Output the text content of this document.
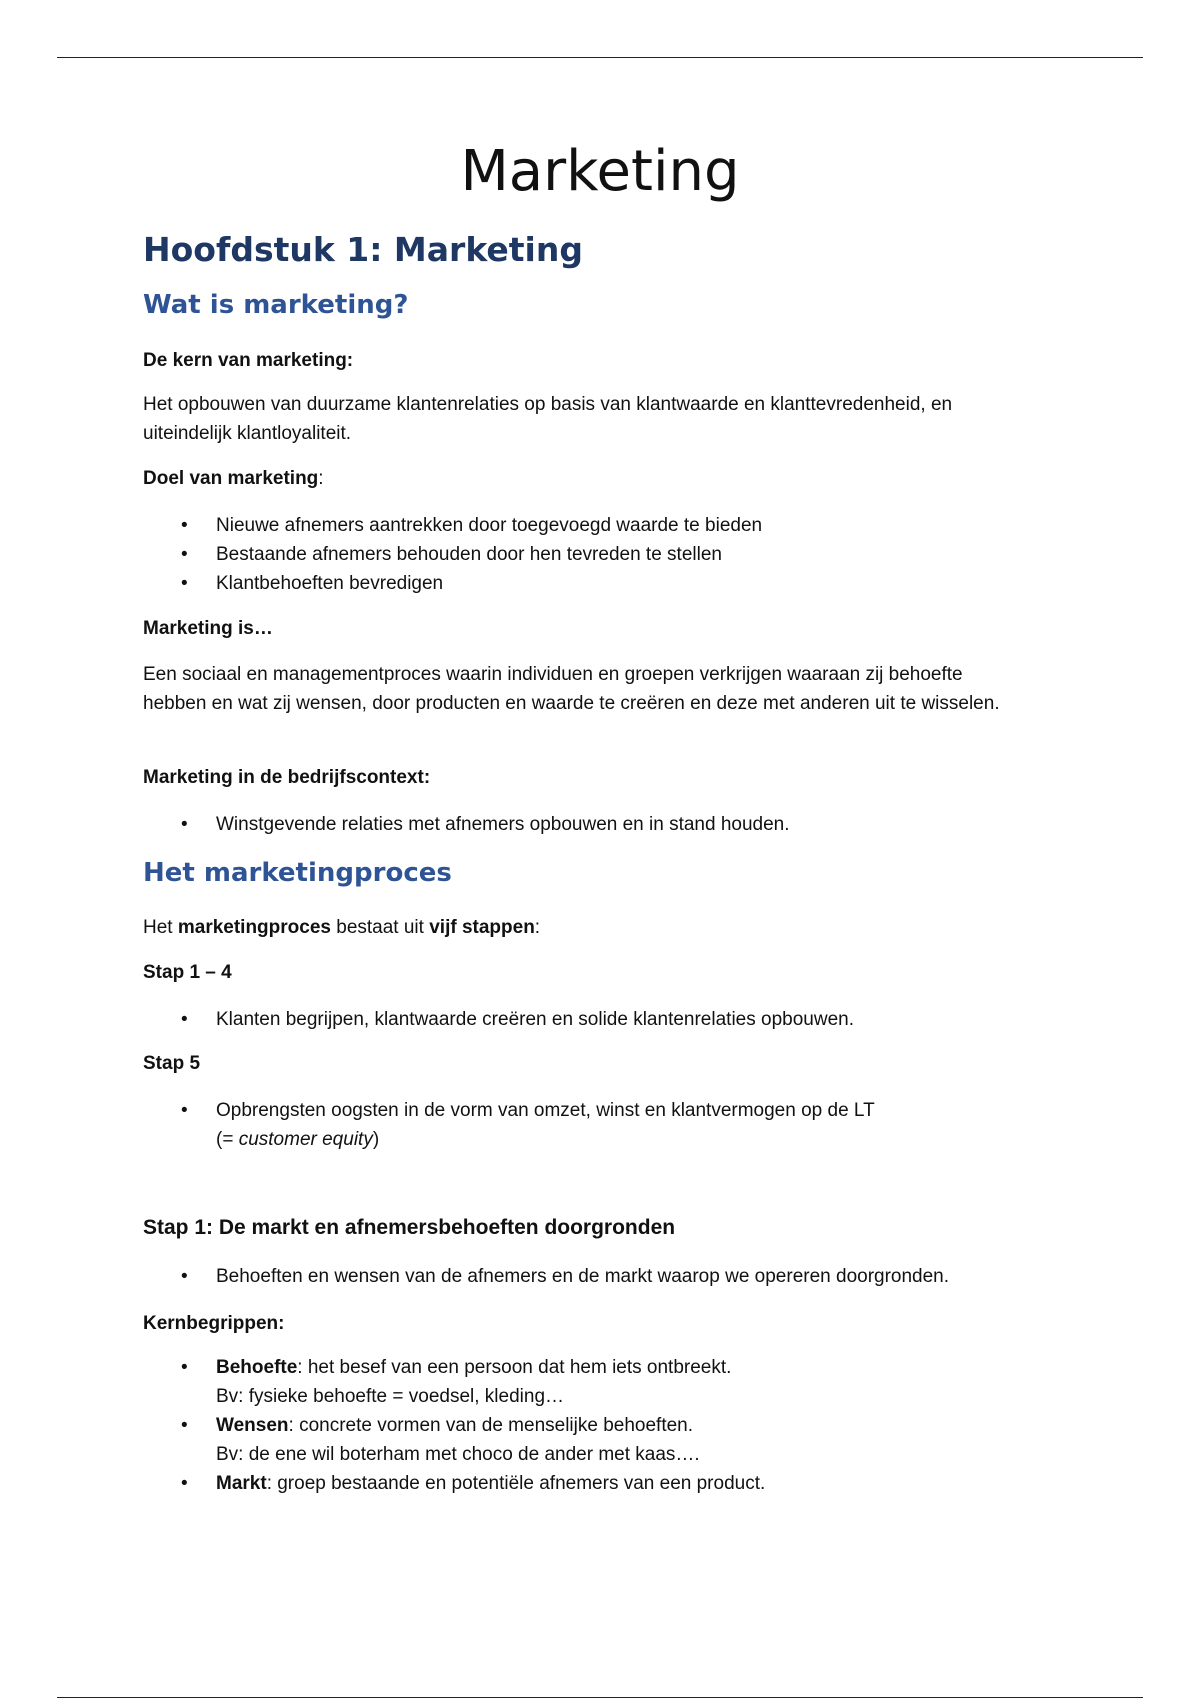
Marketing
Hoofdstuk 1: Marketing
Wat is marketing?
De kern van marketing:
Het opbouwen van duurzame klantenrelaties op basis van klantwaarde en klanttevredenheid, en uiteindelijk klantloyaliteit.
Doel van marketing:
• Nieuwe afnemers aantrekken door toegevoegd waarde te bieden
• Bestaande afnemers behouden door hen tevreden te stellen
• Klantbehoeften bevredigen
Marketing is…
Een sociaal en managementproces waarin individuen en groepen verkrijgen waaraan zij behoefte hebben en wat zij wensen, door producten en waarde te creëren en deze met anderen uit te wisselen.
Marketing in de bedrijfscontext:
• Winstgevende relaties met afnemers opbouwen en in stand houden.
Het marketingproces
Het marketingproces bestaat uit vijf stappen:
Stap 1 – 4
• Klanten begrijpen, klantwaarde creëren en solide klantenrelaties opbouwen.
Stap 5
• Opbrengsten oogsten in de vorm van omzet, winst en klantvermogen op de LT
(= customer equity)
Stap 1: De markt en afnemersbehoeften doorgronden
• Behoeften en wensen van de afnemers en de markt waarop we opereren doorgronden.
Kernbegrippen:
• Behoefte: het besef van een persoon dat hem iets ontbreekt.
Bv: fysieke behoefte = voedsel, kleding…
• Wensen: concrete vormen van de menselijke behoeften.
Bv: de ene wil boterham met choco de ander met kaas….
• Markt: groep bestaande en potentiële afnemers van een product.
